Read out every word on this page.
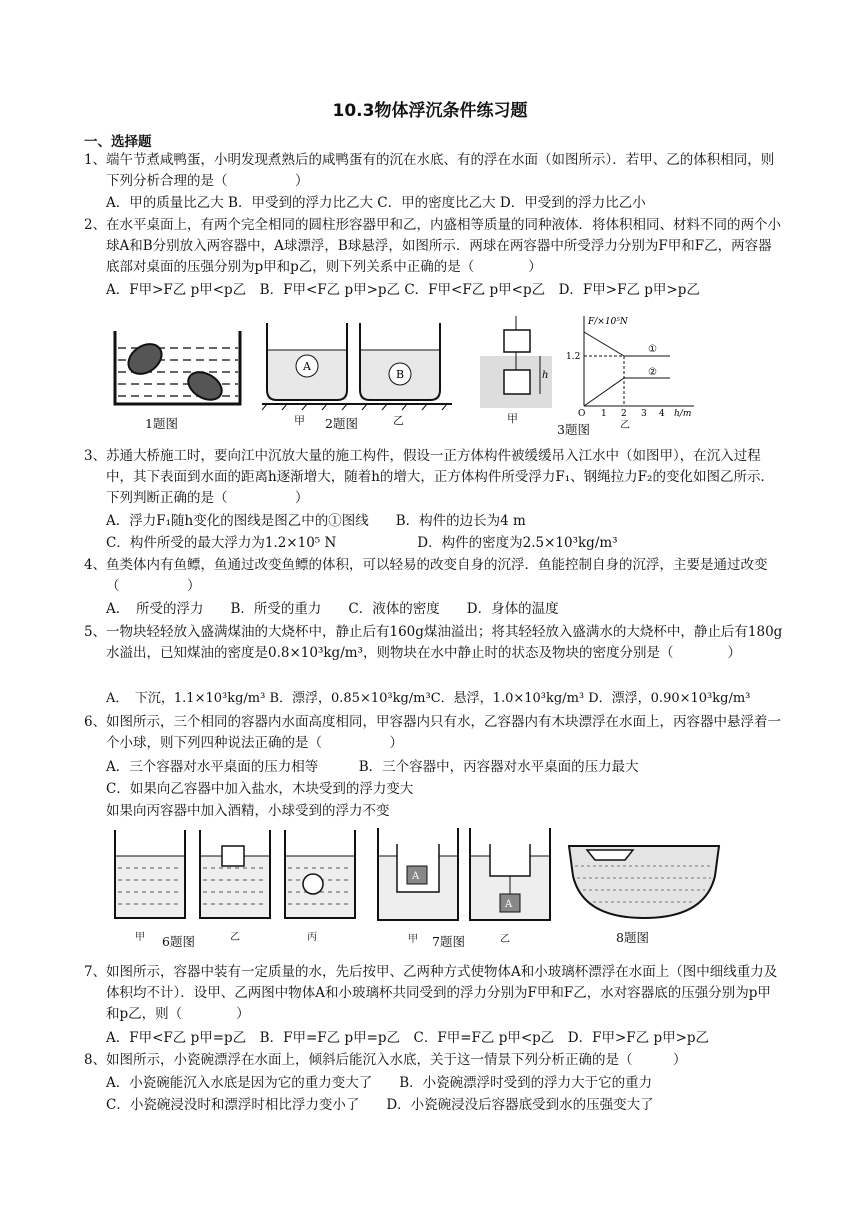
10.3物体浮沉条件练习题
一、选择题
1、 端午节煮咸鸭蛋，小明发现煮熟后的咸鸭蛋有的沉在水底、有的浮在水面（如图所示）．若甲、乙的体积相同，则下列分析合理的是（　　　　　）
A．甲的质量比乙大 B．甲受到的浮力比乙大 C．甲的密度比乙大 D．甲受到的浮力比乙小
2、 在水平桌面上，有两个完全相同的圆柱形容器甲和乙，内盛相等质量的同种液体．将体积相同、材料不同的两个小球A和B分别放入两容器中，A球漂浮，B球悬浮，如图所示．两球在两容器中所受浮力分别为F甲和F乙，两容器底部对桌面的压强分别为p甲和p乙，则下列关系中正确的是（　　　　）
A．F甲>F乙 p甲<p乙　B．F甲<F乙 p甲>p乙 C．F甲<F乙 p甲<p乙　D．F甲>F乙 p甲>p乙
1题图
A
B
甲 2题图	乙
h
甲
3题图
F/×10⁵N
1.2
①
②
O 1 2 3 4 h/m
乙
3、 苏通大桥施工时，要向江中沉放大量的施工构件，假设一正方体构件被缓缓吊入江水中（如图甲），在沉入过程中，其下表面到水面的距离h逐渐增大，随着h的增大，正方体构件所受浮力F₁、钢绳拉力F₂的变化如图乙所示．下列判断正确的是（　　　　　）
A．浮力F₁随h变化的图线是图乙中的①图线　　B．构件的边长为4 m
C．构件所受的最大浮力为1.2×10⁵ N　　　　　　D．构件的密度为2.5×10³kg/m³
4、 鱼类体内有鱼鳔，鱼通过改变鱼鳔的体积，可以轻易的改变自身的沉浮．鱼能控制自身的沉浮，主要是通过改变（　　　　　）
A．　所受的浮力　　B．所受的重力　　C．液体的密度　　D．身体的温度
5、 一物块轻轻放入盛满煤油的大烧杯中，静止后有160g煤油溢出；将其轻轻放入盛满水的大烧杯中，静止后有180g水溢出，已知煤油的密度是0.8×10³kg/m³，则物块在水中静止时的状态及物块的密度分别是（　　　　）
A．　下沉，1.1×10³kg/m³ B．漂浮，0.85×10³kg/m³C．悬浮，1.0×10³kg/m³ D．漂浮，0.90×10³kg/m³
6、 如图所示，三个相同的容器内水面高度相同，甲容器内只有水，乙容器内有木块漂浮在水面上，丙容器中悬浮着一个小球，则下列四种说法正确的是（　　　　　）
A．三个容器对水平桌面的压力相等　　　B．三个容器中，丙容器对水平桌面的压力最大
C．如果向乙容器中加入盐水，木块受到的浮力变大
如果向丙容器中加入酒精，小球受到的浮力不变
甲 6题图	乙	丙
A
A
甲 7题图	乙	8题图
7、 如图所示，容器中装有一定质量的水，先后按甲、乙两种方式使物体A和小玻璃杯漂浮在水面上（图中细线重力及体积均不计）．设甲、乙两图中物体A和小玻璃杯共同受到的浮力分别为F甲和F乙，水对容器底的压强分别为p甲和p乙，则（　　　　）
A．F甲<F乙 p甲=p乙　B．F甲=F乙 p甲=p乙　C．F甲=F乙 p甲<p乙　D．F甲>F乙 p甲>p乙
8、 如图所示，小瓷碗漂浮在水面上，倾斜后能沉入水底，关于这一情景下列分析正确的是（　　　）
A．小瓷碗能沉入水底是因为它的重力变大了　　B．小瓷碗漂浮时受到的浮力大于它的重力
C．小瓷碗浸没时和漂浮时相比浮力变小了　　D．小瓷碗浸没后容器底受到水的压强变大了
